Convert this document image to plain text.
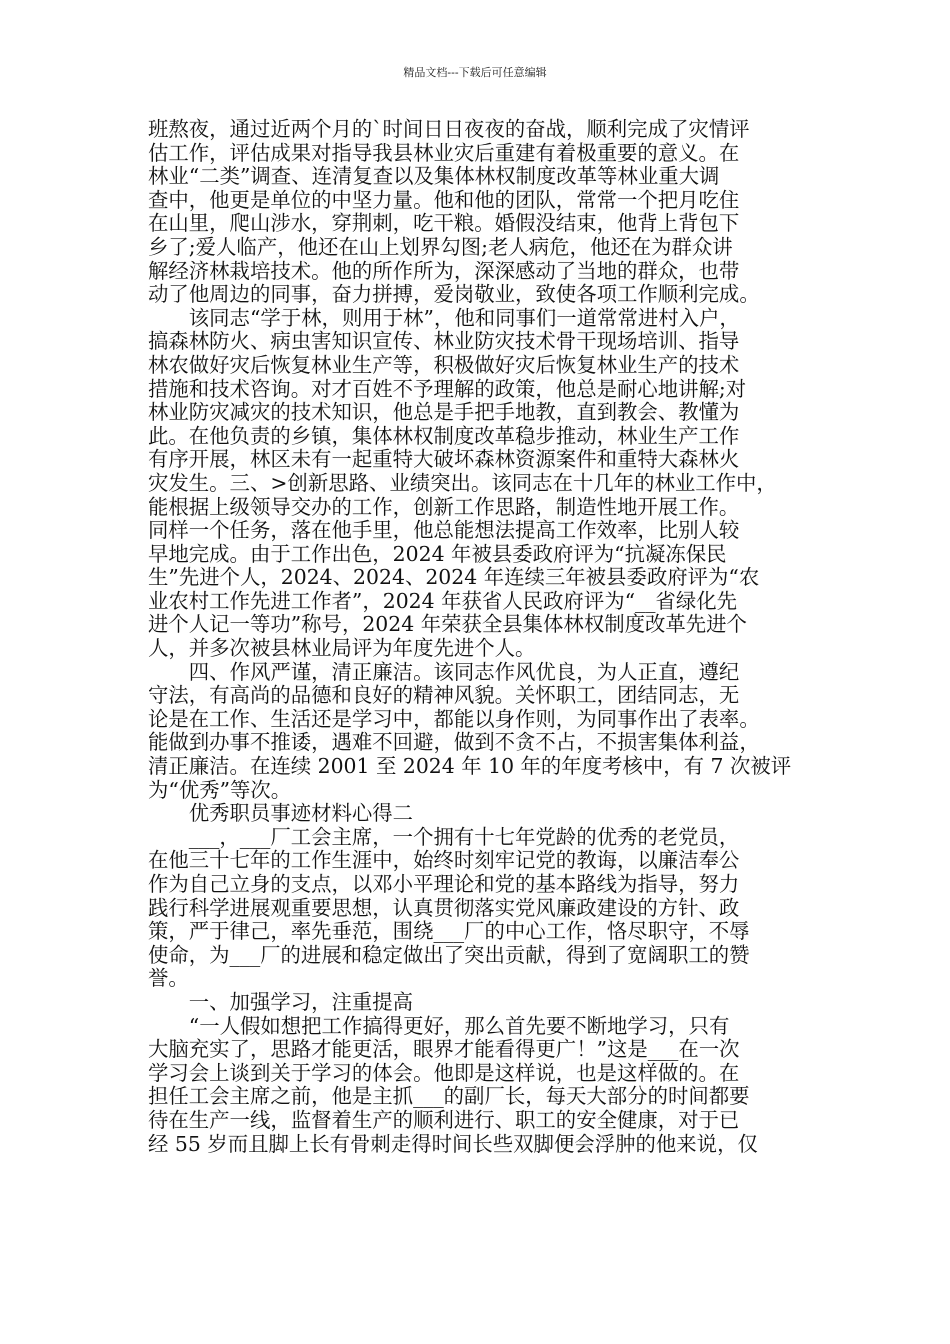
精品文档---下载后可任意编辑
班熬夜，通过近两个月的`时间日日夜夜的奋战，顺利完成了灾情评
估工作，评估成果对指导我县林业灾后重建有着极重要的意义。在
林业“二类”调查、连清复查以及集体林权制度改革等林业重大调
查中，他更是单位的中坚力量。他和他的团队，常常一个把月吃住
在山里，爬山涉水，穿荆刺，吃干粮。婚假没结束，他背上背包下
乡了;爱人临产，他还在山上划界勾图;老人病危，他还在为群众讲
解经济林栽培技术。他的所作所为，深深感动了当地的群众，也带
动了他周边的同事，奋力拼搏，爱岗敬业，致使各项工作顺利完成。
　　该同志“学于林，则用于林”，他和同事们一道常常进村入户，
搞森林防火、病虫害知识宣传、林业防灾技术骨干现场培训、指导
林农做好灾后恢复林业生产等，积极做好灾后恢复林业生产的技术
措施和技术咨询。对才百姓不予理解的政策，他总是耐心地讲解;对
林业防灾减灾的技术知识，他总是手把手地教，直到教会、教懂为
此。在他负责的乡镇，集体林权制度改革稳步推动，林业生产工作
有序开展，林区未有一起重特大破坏森林资源案件和重特大森林火
灾发生。三、>创新思路、业绩突出。该同志在十几年的林业工作中，
能根据上级领导交办的工作，创新工作思路，制造性地开展工作。
同样一个任务，落在他手里，他总能想法提高工作效率，比别人较
早地完成。由于工作出色，2024 年被县委政府评为“抗凝冻保民
生”先进个人，2024、2024、2024 年连续三年被县委政府评为“农
业农村工作先进工作者”，2024 年获省人民政府评为“__省绿化先
进个人记一等功”称号，2024 年荣获全县集体林权制度改革先进个
人，并多次被县林业局评为年度先进个人。
　　四、作风严谨，清正廉洁。该同志作风优良，为人正直，遵纪
守法，有高尚的品德和良好的精神风貌。关怀职工，团结同志，无
论是在工作、生活还是学习中，都能以身作则，为同事作出了表率。
能做到办事不推诿，遇难不回避，做到不贪不占，不损害集体利益，
清正廉洁。在连续 2001 至 2024 年 10 年的年度考核中，有 7 次被评
为“优秀”等次。
　　优秀职员事迹材料心得二
　　___，___厂工会主席，一个拥有十七年党龄的优秀的老党员，
在他三十七年的工作生涯中，始终时刻牢记党的教诲，以廉洁奉公
作为自己立身的支点，以邓小平理论和党的基本路线为指导，努力
践行科学进展观重要思想，认真贯彻落实党风廉政建设的方针、政
策，严于律己，率先垂范，围绕___厂的中心工作，恪尽职守，不辱
使命，为___厂的进展和稳定做出了突出贡献，得到了宽阔职工的赞
誉。
　　一、加强学习，注重提高
　　“一人假如想把工作搞得更好，那么首先要不断地学习，只有
大脑充实了，思路才能更活，眼界才能看得更广！”这是___在一次
学习会上谈到关于学习的体会。他即是这样说，也是这样做的。在
担任工会主席之前，他是主抓___的副厂长，每天大部分的时间都要
待在生产一线，监督着生产的顺利进行、职工的安全健康，对于已
经 55 岁而且脚上长有骨刺走得时间长些双脚便会浮肿的他来说，仅
